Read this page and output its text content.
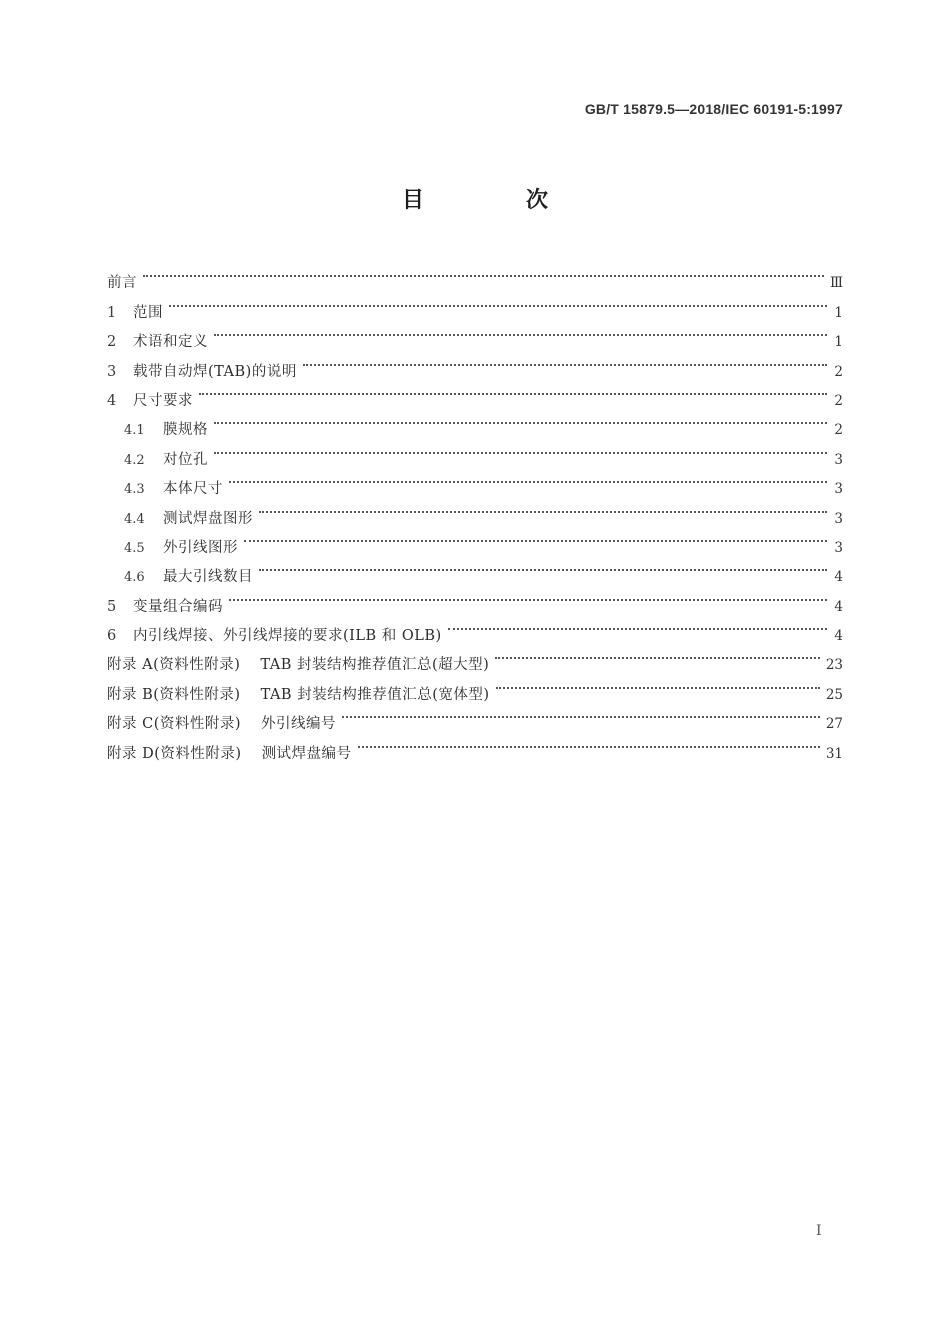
GB/T 15879.5—2018/IEC 60191-5:1997
目　次
前言	Ⅲ
1	范围	1
2	术语和定义	1
3	载带自动焊(TAB)的说明	2
4	尺寸要求	2
4.1	膜规格	2
4.2	对位孔	3
4.3	本体尺寸	3
4.4	测试焊盘图形	3
4.5	外引线图形	3
4.6	最大引线数目	4
5	变量组合编码	4
6	内引线焊接、外引线焊接的要求(ILB 和 OLB)	4
附录 A(资料性附录) TAB 封装结构推荐值汇总(超大型)	23
附录 B(资料性附录) TAB 封装结构推荐值汇总(宽体型)	25
附录 C(资料性附录) 外引线编号	27
附录 D(资料性附录) 测试焊盘编号	31
I
